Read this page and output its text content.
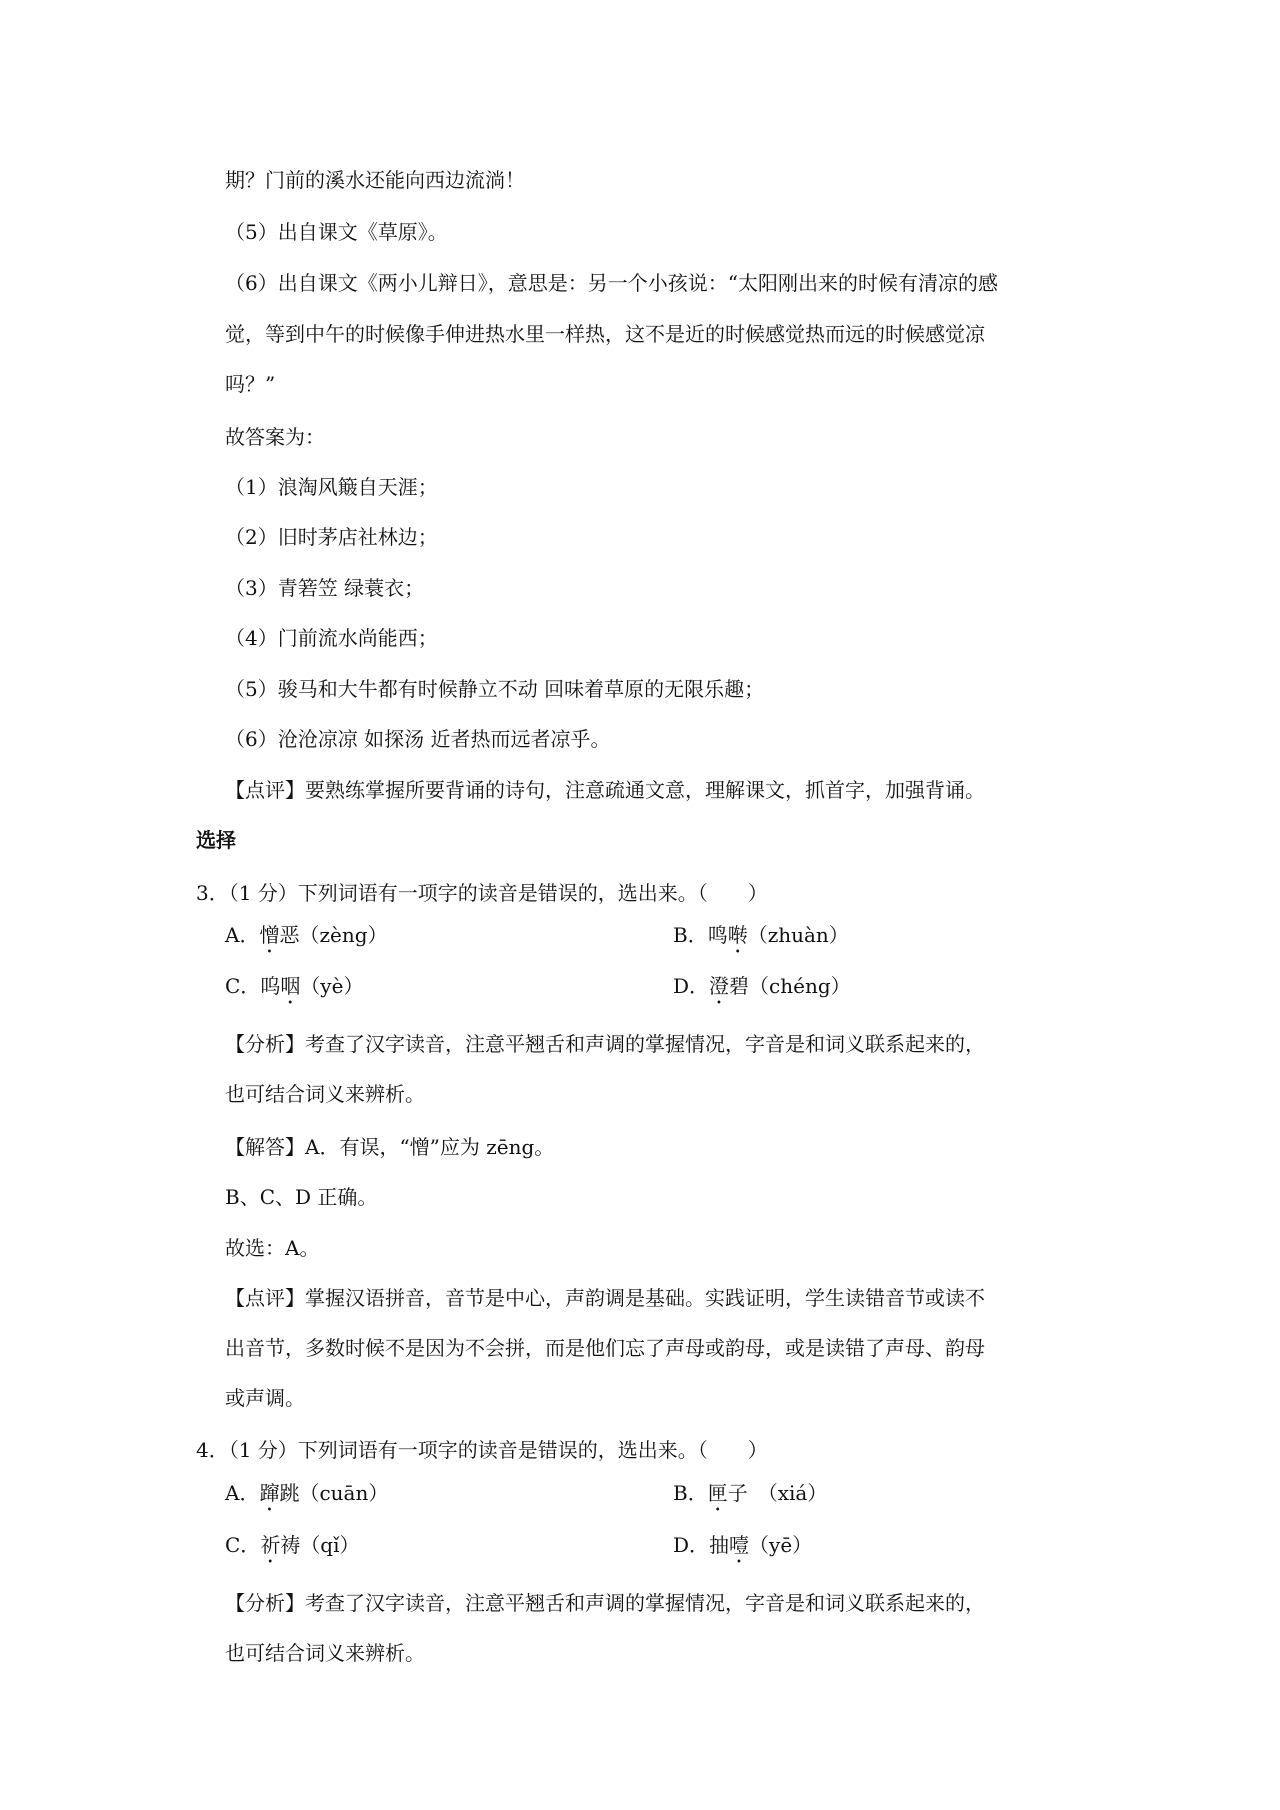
期？门前的溪水还能向西边流淌！
（5）出自课文《草原》。
（6）出自课文《两小儿辩日》，意思是：另一个小孩说：“太阳刚出来的时候有清凉的感
觉，等到中午的时候像手伸进热水里一样热，这不是近的时候感觉热而远的时候感觉凉
吗？”
故答案为：
（1）浪淘风簸自天涯；
（2）旧时茅店社林边；
（3）青箬笠 绿蓑衣；
（4）门前流水尚能西；
（5）骏马和大牛都有时候静立不动 回味着草原的无限乐趣；
（6）沧沧凉凉 如探汤 近者热而远者凉乎。
【点评】要熟练掌握所要背诵的诗句，注意疏通文意，理解课文，抓首字，加强背诵。
选择
3．（1 分）下列词语有一项字的读音是错误的，选出来。（　　）
A．憎恶（zèng）	B．鸣啭（zhuàn）
C．呜咽（yè）	D．澄碧（chéng）
【分析】考查了汉字读音，注意平翘舌和声调的掌握情况，字音是和词义联系起来的，
也可结合词义来辨析。
【解答】A．有误，“憎”应为 zēng。
B、C、D 正确。
故选：A。
【点评】掌握汉语拼音，音节是中心，声韵调是基础。实践证明，学生读错音节或读不
出音节，多数时候不是因为不会拼，而是他们忘了声母或韵母，或是读错了声母、韵母
或声调。
4．（1 分）下列词语有一项字的读音是错误的，选出来。（　　）
A．蹿跳（cuān）	B．匣子　（xiá）
C．祈祷（qǐ）	D．抽噎（yē）
【分析】考查了汉字读音，注意平翘舌和声调的掌握情况，字音是和词义联系起来的，
也可结合词义来辨析。
